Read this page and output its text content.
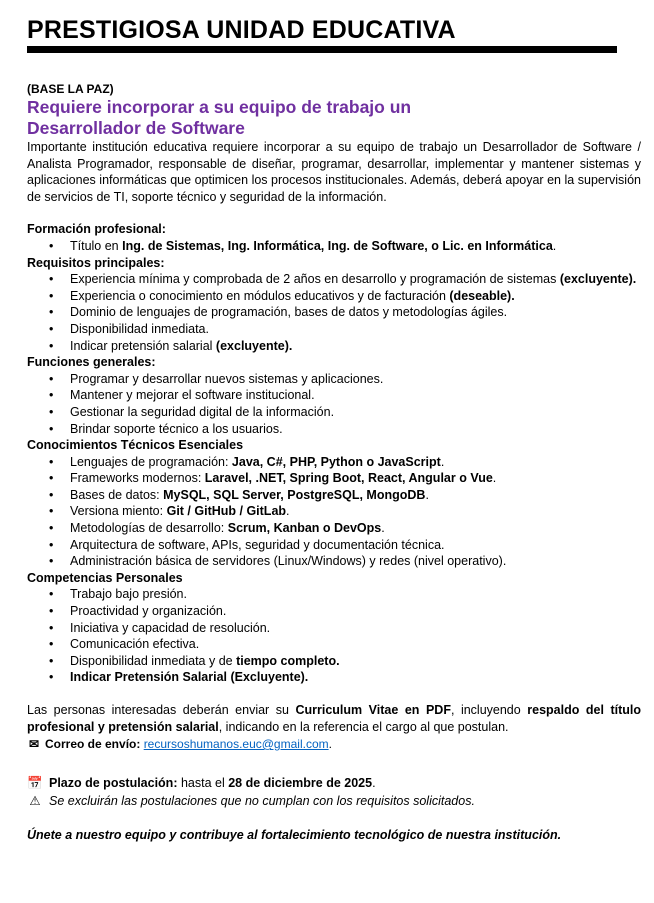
PRESTIGIOSA UNIDAD EDUCATIVA

(BASE LA PAZ)

Requiere incorporar a su equipo de trabajo un
Desarrollador de Software

Importante institución educativa requiere incorporar a su equipo de trabajo un Desarrollador de Software / Analista Programador, responsable de diseñar, programar, desarrollar, implementar y mantener sistemas y aplicaciones informáticas que optimicen los procesos institucionales. Además, deberá apoyar en la supervisión de servicios de TI, soporte técnico y seguridad de la información.

Formación profesional:

• Título en Ing. de Sistemas, Ing. Informática, Ing. de Software, o Lic. en Informática.

Requisitos principales:

• Experiencia mínima y comprobada de 2 años en desarrollo y programación de sistemas (excluyente).
• Experiencia o conocimiento en módulos educativos y de facturación (deseable).
• Dominio de lenguajes de programación, bases de datos y metodologías ágiles.
• Disponibilidad inmediata.
• Indicar pretensión salarial (excluyente).

Funciones generales:

• Programar y desarrollar nuevos sistemas y aplicaciones.
• Mantener y mejorar el software institucional.
• Gestionar la seguridad digital de la información.
• Brindar soporte técnico a los usuarios.

Conocimientos Técnicos Esenciales

• Lenguajes de programación: Java, C#, PHP, Python o JavaScript.
• Frameworks modernos: Laravel, .NET, Spring Boot, React, Angular o Vue.
• Bases de datos: MySQL, SQL Server, PostgreSQL, MongoDB.
• Versiona miento: Git / GitHub / GitLab.
• Metodologías de desarrollo: Scrum, Kanban o DevOps.
• Arquitectura de software, APIs, seguridad y documentación técnica.
• Administración básica de servidores (Linux/Windows) y redes (nivel operativo).

Competencias Personales

• Trabajo bajo presión.
• Proactividad y organización.
• Iniciativa y capacidad de resolución.
• Comunicación efectiva.
• Disponibilidad inmediata y de tiempo completo.
• Indicar Pretensión Salarial (Excluyente).

Las personas interesadas deberán enviar su Curriculum Vitae en PDF, incluyendo respaldo del título profesional y pretensión salarial, indicando en la referencia el cargo al que postulan.

✉ Correo de envío: recursoshumanos.euc@gmail.com.

📅 Plazo de postulación: hasta el 28 de diciembre de 2025.

⚠ Se excluirán las postulaciones que no cumplan con los requisitos solicitados.

Únete a nuestro equipo y contribuye al fortalecimiento tecnológico de nuestra institución.
